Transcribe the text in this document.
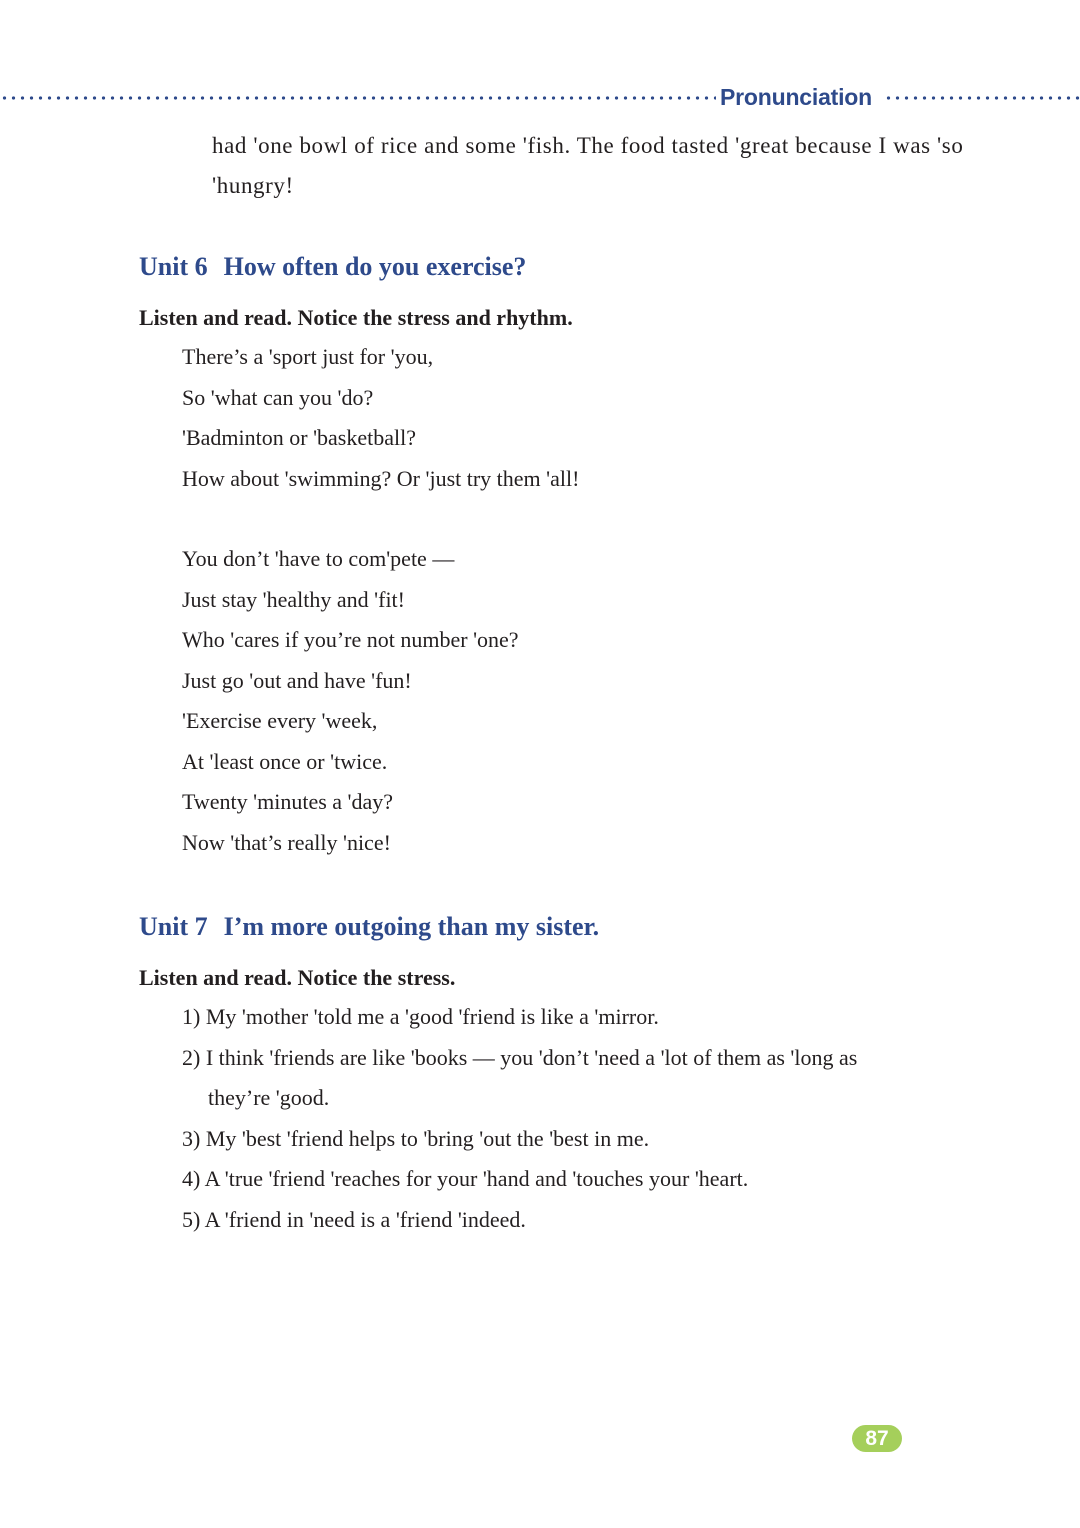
Pronunciation
had 'one bowl of rice and some 'fish. The food tasted 'great because I was 'so
'hungry!
Unit 6 How often do you exercise?
Listen and read. Notice the stress and rhythm.
There’s a 'sport just for 'you,
So 'what can you 'do?
'Badminton or 'basketball?
How about 'swimming? Or 'just try them 'all!
You don’t 'have to com'pete —
Just stay 'healthy and 'fit!
Who 'cares if you’re not number 'one?
Just go 'out and have 'fun!
'Exercise every 'week,
At 'least once or 'twice.
Twenty 'minutes a 'day?
Now 'that’s really 'nice!
Unit 7 I’m more outgoing than my sister.
Listen and read. Notice the stress.
1) My 'mother 'told me a 'good 'friend is like a 'mirror.
2) I think 'friends are like 'books — you 'don’t 'need a 'lot of them as 'long as
they’re 'good.
3) My 'best 'friend helps to 'bring 'out the 'best in me.
4) A 'true 'friend 'reaches for your 'hand and 'touches your 'heart.
5) A 'friend in 'need is a 'friend 'indeed.
87
